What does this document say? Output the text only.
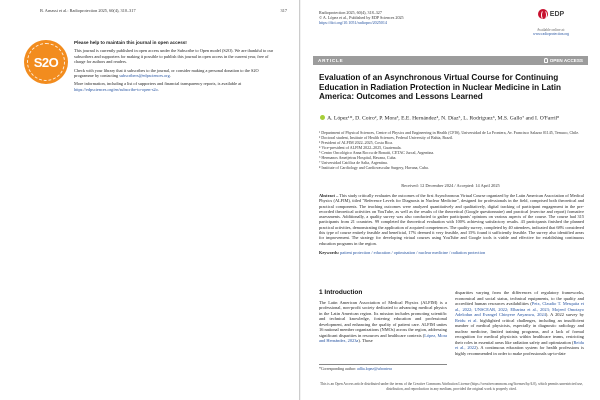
B. Arnassi et al.: Radioprotection 2025, 60(4), 310–317	317
S2O
Please help to maintain this journal in open access!

This journal is currently published in open access under the Subscribe to Open model (S2O). We are thankful to our subscribers and supporters for making it possible to publish this journal in open access in the current year, free of charge for authors and readers.

Check with your library that it subscribes to the journal, or consider making a personal donation to the S2O programme by contacting subscribers@edpsciences.org.

More information, including a list of supporters and financial transparency reports, is available at https://edpsciences.org/en/subscribe-to-open-s2o.

Radioprotection 2025, 60(4), 318–327
© A. López et al., Published by EDP Sciences 2025
https://doi.org/10.1051/radiopro/2025014
EDP
Available online at:
www.radioprotection.org
ARTICLE	OPEN ACCESS
Evaluation of an Asynchronous Virtual Course for Continuing Education in Radiation Protection in Nuclear Medicine in Latin America: Outcomes and Lessons Learned
A. López¹*, D. Coiro², P. Mora³, E.E. Hernández⁴, N. Díaz⁵, L. Rodríguez⁶, M.S. Gallo⁷ and I. O'Farril⁸
¹ Department of Physical Sciences, Centre of Physics and Engineering in Health (CFIS), Universidad de La Frontera, Av. Francisco Salazar 01145, Temuco, Chile.
² Doctoral student, Institute of Health Sciences, Federal University of Bahia, Brazil.
³ President of ALFIM 2022–2025, Costa Rica.
⁴ Vice-president of ALFIM 2022–2025, Guatemala.
⁵ Centro Oncológico Anna Roccu de Bonatti, CETAC Jurcal, Argentina.
⁶ Hermanos Ameijeiras Hospital, Havana, Cuba.
⁷ Universidad Católica de Salta, Argentina.
⁸ Institute of Cardiology and Cardiovascular Surgery, Havana, Cuba.
Received: 12 December 2024 / Accepted: 14 April 2025
Abstract – This study critically evaluates the outcomes of the first Asynchronous Virtual Course organized by the Latin American Association of Medical Physics (ALFIM), titled "Reference Levels for Diagnosis in Nuclear Medicine", designed for professionals in the field, comprised both theoretical and practical components. The teaching outcomes were analyzed quantitatively and qualitatively, digital tracking of participant engagement in the pre-recorded theoretical activities on YouTube, as well as the results of the theoretical (Google questionnaire) and practical (exercise and report) formative assessments. Additionally, a quality survey was also conducted to gather participants' opinions on various aspects of the course. The course had 315 participants from 21 countries. 99 completed the theoretical evaluation with 100% achieving satisfactory results. 43 participants finished the planned practical activities, demonstrating the application of acquired competences. The quality survey, completed by 40 attendees, indicated that 68% considered this type of course entirely feasible and beneficial, 17% deemed it very feasible, and 15% found it sufficiently feasible. The survey also identified areas for improvement. The strategy for developing virtual courses using YouTube and Google tools is viable and effective for establishing continuous education programs in the region.
Keywords: patient protection / education / optimisation / nuclear medicine / radiation protection
1 Introduction
The Latin American Association of Medical Physics (ALFIM) is a professional, non-profit society dedicated to advancing medical physics in the Latin American region. Its mission includes promoting scientific and technical knowledge, fostering education and professional development, and enhancing the quality of patient care. ALFIM unites 16 national member organizations (NMOs) across the region, addressing significant disparities in resources and healthcare contexts (López, Mora and Hernández, 2023a). Those
disparities varying from the differences of regulatory frameworks, economical and social status, technical equipments, to the quality and accredited human resources availabilities (Peix, Claudio T. Mesquita et al., 2022; UNSCEAR, 2022; Elbarina et al., 2023; Mojeed Omotayo Adelodun and Evangel Chinyere Anyanwu, 2024). A 2022 survey by Reidu et al. highlighted critical challenges, including an insufficient number of medical physicists, especially in diagnostic radiology and nuclear medicine, limited training programs, and a lack of formal recognition for medical physicists within healthcare teams, restricting their roles in essential areas like radiation safety and optimization (Reidu et al., 2022). A continuous education system for health professions is highly recommended in order to make professionals up-to-date
*Corresponding author: adlia.lopez@ufrontera
This is an Open Access article distributed under the terms of the Creative Commons Attribution License (https://creativecommons.org/licenses/by/4.0), which permits unrestricted use, distribution, and reproduction in any medium, provided the original work is properly cited.
